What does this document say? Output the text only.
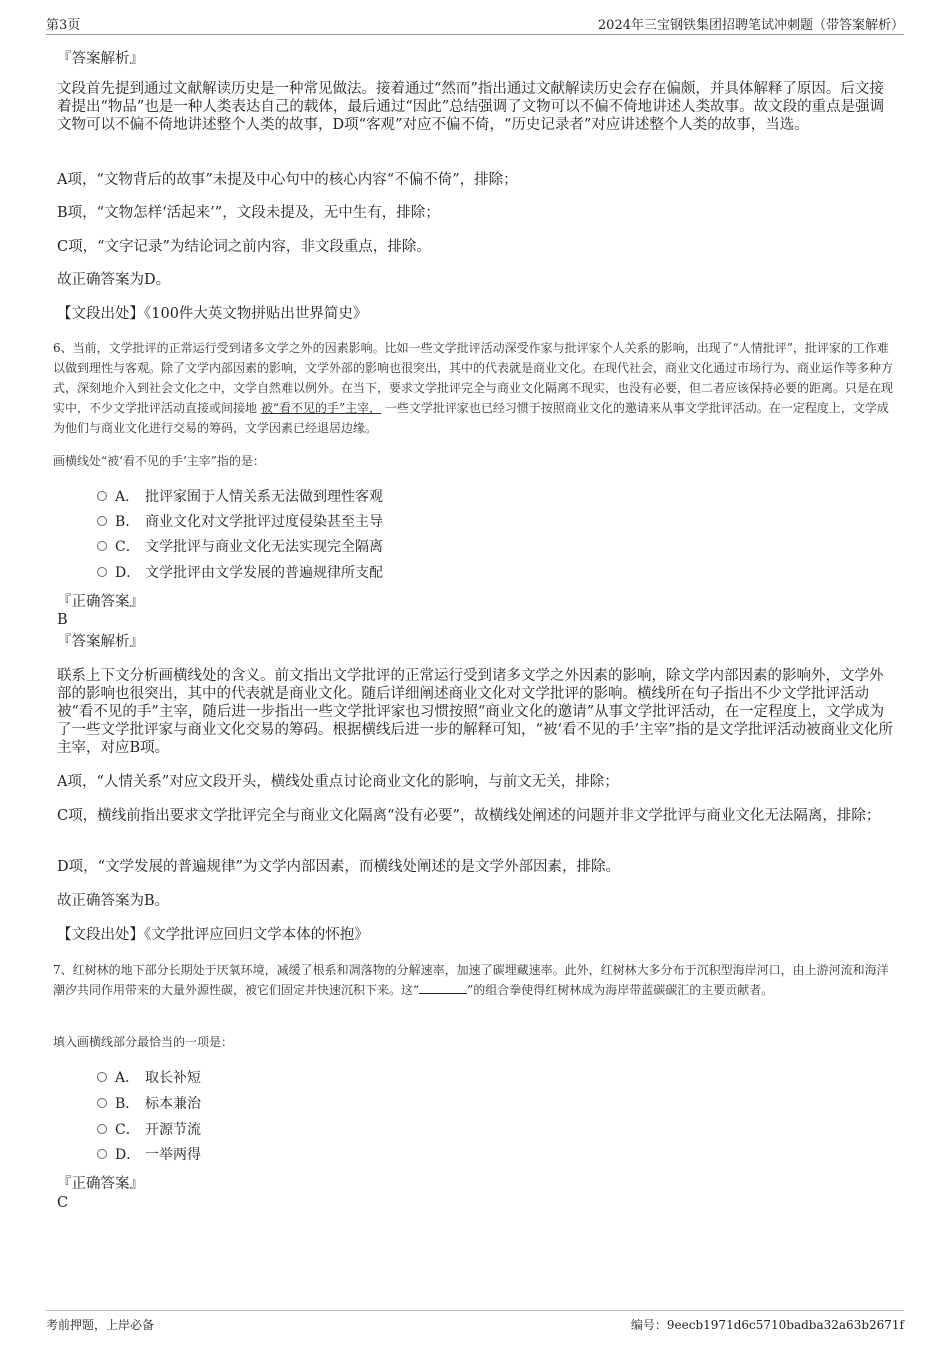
第3页	2024年三宝钢铁集团招聘笔试冲刺题（带答案解析）
『答案解析』
文段首先提到通过文献解读历史是一种常见做法。接着通过“然而”指出通过文献解读历史会存在偏颇，并具体解释了原因。后文接着提出“物品”也是一种人类表达自己的载体，最后通过“因此”总结强调了文物可以不偏不倚地讲述人类故事。故文段的重点是强调文物可以不偏不倚地讲述整个人类的故事，D项“客观”对应不偏不倚，“历史记录者”对应讲述整个人类的故事，当选。
A项，“文物背后的故事”未提及中心句中的核心内容“不偏不倚”，排除；
B项，“文物怎样‘活起来’”，文段未提及，无中生有，排除；
C项，“文字记录”为结论词之前内容，非文段重点，排除。
故正确答案为D。
【文段出处】《100件大英文物拼贴出世界简史》
6、当前，文学批评的正常运行受到诸多文学之外的因素影响。比如一些文学批评活动深受作家与批评家个人关系的影响，出现了“人情批评”，批评家的工作难以做到理性与客观。除了文学内部因素的影响，文学外部的影响也很突出，其中的代表就是商业文化。在现代社会，商业文化通过市场行为、商业运作等多种方式，深刻地介入到社会文化之中，文学自然难以例外。在当下，要求文学批评完全与商业文化隔离不现实，也没有必要，但二者应该保持必要的距离。只是在现实中，不少文学批评活动直接或间接地 被“看不见的手”主宰， 一些文学批评家也已经习惯于按照商业文化的邀请来从事文学批评活动。在一定程度上，文学成为他们与商业文化进行交易的筹码，文学因素已经退居边缘。
画横线处“被‘看不见的手’主宰”指的是：
A． 批评家囿于人情关系无法做到理性客观
B． 商业文化对文学批评过度侵染甚至主导
C． 文学批评与商业文化无法实现完全隔离
D． 文学批评由文学发展的普遍规律所支配
『正确答案』
B
『答案解析』
联系上下文分析画横线处的含义。前文指出文学批评的正常运行受到诸多文学之外因素的影响，除文学内部因素的影响外，文学外部的影响也很突出，其中的代表就是商业文化。随后详细阐述商业文化对文学批评的影响。横线所在句子指出不少文学批评活动被“看不见的手”主宰，随后进一步指出一些文学批评家也习惯按照“商业文化的邀请”从事文学批评活动，在一定程度上，文学成为了一些文学批评家与商业文化交易的筹码。根据横线后进一步的解释可知，“被‘看不见的手’主宰”指的是文学批评活动被商业文化所主宰，对应B项。
A项，“人情关系”对应文段开头，横线处重点讨论商业文化的影响，与前文无关，排除；
C项，横线前指出要求文学批评完全与商业文化隔离“没有必要”，故横线处阐述的问题并非文学批评与商业文化无法隔离，排除；
D项，“文学发展的普遍规律”为文学内部因素，而横线处阐述的是文学外部因素，排除。
故正确答案为B。
【文段出处】《文学批评应回归文学本体的怀抱》
7、红树林的地下部分长期处于厌氧环境，减缓了根系和凋落物的分解速率，加速了碳埋藏速率。此外，红树林大多分布于沉积型海岸河口，由上游河流和海洋潮汐共同作用带来的大量外源性碳，被它们固定并快速沉积下来。这“	”的组合拳使得红树林成为海岸带蓝碳碳汇的主要贡献者。
填入画横线部分最恰当的一项是：
A． 取长补短
B． 标本兼治
C． 开源节流
D． 一举两得
『正确答案』
C
考前押题，上岸必备	编号：9eecb1971d6c5710badba32a63b2671f
